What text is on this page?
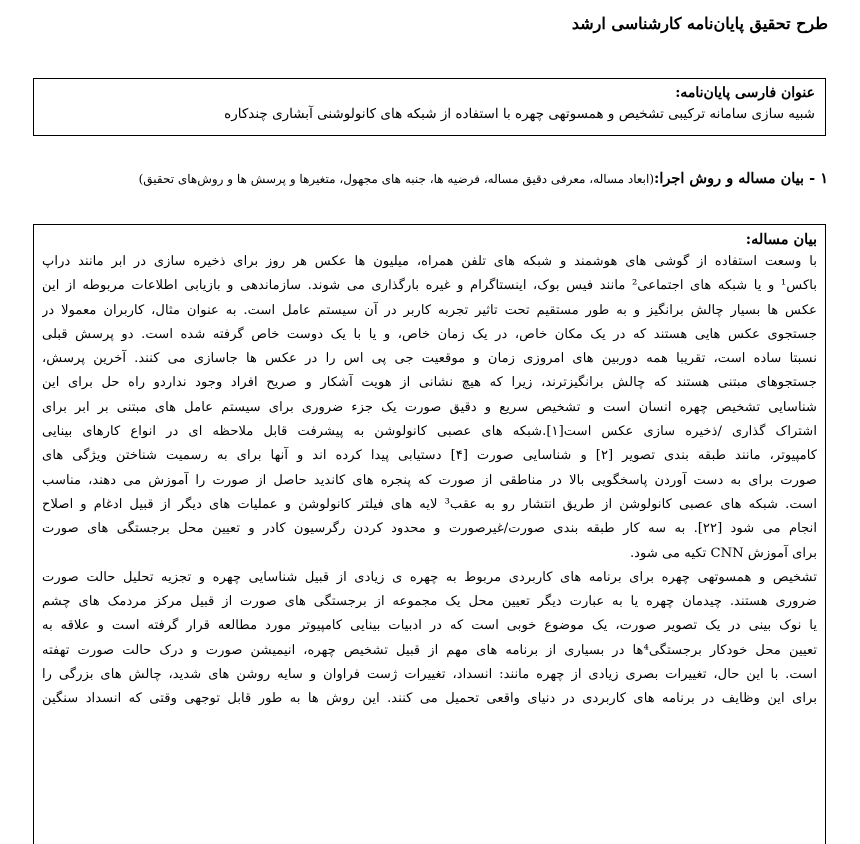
طرح تحقیق پایان‌نامه کارشناسی ارشد

عنوان فارسی پایان‌نامه:

شبیه سازی سامانه ترکیبی تشخیص و همسوتهی چهره با استفاده از شبکه های کانولوشنی آبشاری چندکاره

۱ - بیان مساله و روش اجرا:(ابعاد مساله، معرفی دقیق مساله، فرضیه ها، جنبه های مجهول، متغیرها و پرسش ها و روش‌های تحقیق)

بیان مساله:

با وسعت استفاده از گوشی های هوشمند و شبکه های تلفن همراه، میلیون ها عکس هر روز برای ذخیره سازی در ابر مانند دراپ
باکس¹ و یا شبکه های اجتماعی² مانند فیس بوک، اینستاگرام و غیره بارگذاری می شوند. سازماندهی و بازیابی اطلاعات مربوطه از این
عکس ها بسیار چالش برانگیز و به طور مستقیم تحت تاثیر تجربه کاربر در آن سیستم عامل است. به عنوان مثال، کاربران معمولا در
جستجوی عکس هایی هستند که در یک مکان خاص، در یک زمان خاص، و یا با یک دوست خاص گرفته شده است. دو پرسش قبلی
نسبتا ساده است، تقریبا همه دوربین های امروزی زمان و موقعیت جی پی اس را در عکس ها جاسازی می کنند. آخرین پرسش،
جستجوهای مبتنی هستند که چالش برانگیزترند، زیرا که هیچ نشانی از هویت آشکار و صریح افراد وجود نداردو راه حل برای این
شناسایی تشخیص چهره انسان است و تشخیص سریع و دقیق صورت یک جزء ضروری برای سیستم عامل های مبتنی بر ابر برای
اشتراک گذاری /ذخیره سازی عکس است[۱].شبکه های عصبی کانولوشن به پیشرفت قابل ملاحظه ای در انواع کارهای بینایی
کامپیوتر، مانند طبقه بندی تصویر [۲] و شناسایی صورت [۴] دستیابی پیدا کرده اند و آنها برای به رسمیت شناختن ویژگی های
صورت برای به دست آوردن پاسخگویی بالا در مناطقی از صورت که پنجره های کاندید حاصل از صورت را آموزش می دهند، مناسب
است. شبکه های عصبی کانولوشن از طریق انتشار رو به عقب³ لایه های فیلتر کانولوشن و عملیات های دیگر از قبیل ادغام و اصلاح
انجام می شود [۲۲]. به سه کار طبقه بندی صورت/غیرصورت و محدود کردن رگرسیون کادر و تعیین محل برجستگی های صورت
برای آموزش CNN تکیه می شود.
تشخیص و همسوتهی چهره برای برنامه های کاربردی مربوط به چهره ی زیادی از قبیل شناسایی چهره و تجزیه تحلیل حالت صورت
ضروری هستند. چیدمان چهره یا به عبارت دیگر تعیین محل یک مجموعه از برجستگی های صورت از قبیل مرکز مردمک های چشم
یا نوک بینی در یک تصویر صورت، یک موضوع خوبی است که در ادبیات بینایی کامپیوتر مورد مطالعه قرار گرفته است و علاقه به
تعیین محل خودکار برجستگی⁴ها در بسیاری از برنامه های مهم از قبیل تشخیص چهره، انیمیشن صورت و درک حالت صورت تهفته
است. با این حال، تغییرات بصری زیادی از چهره مانند: انسداد، تغییرات ژست فراوان و سایه روشن های شدید، چالش های بزرگی را
برای این وظایف در برنامه های کاربردی در دنیای واقعی تحمیل می کنند. این روش ها به طور قابل توجهی وقتی که انسداد سنگین
